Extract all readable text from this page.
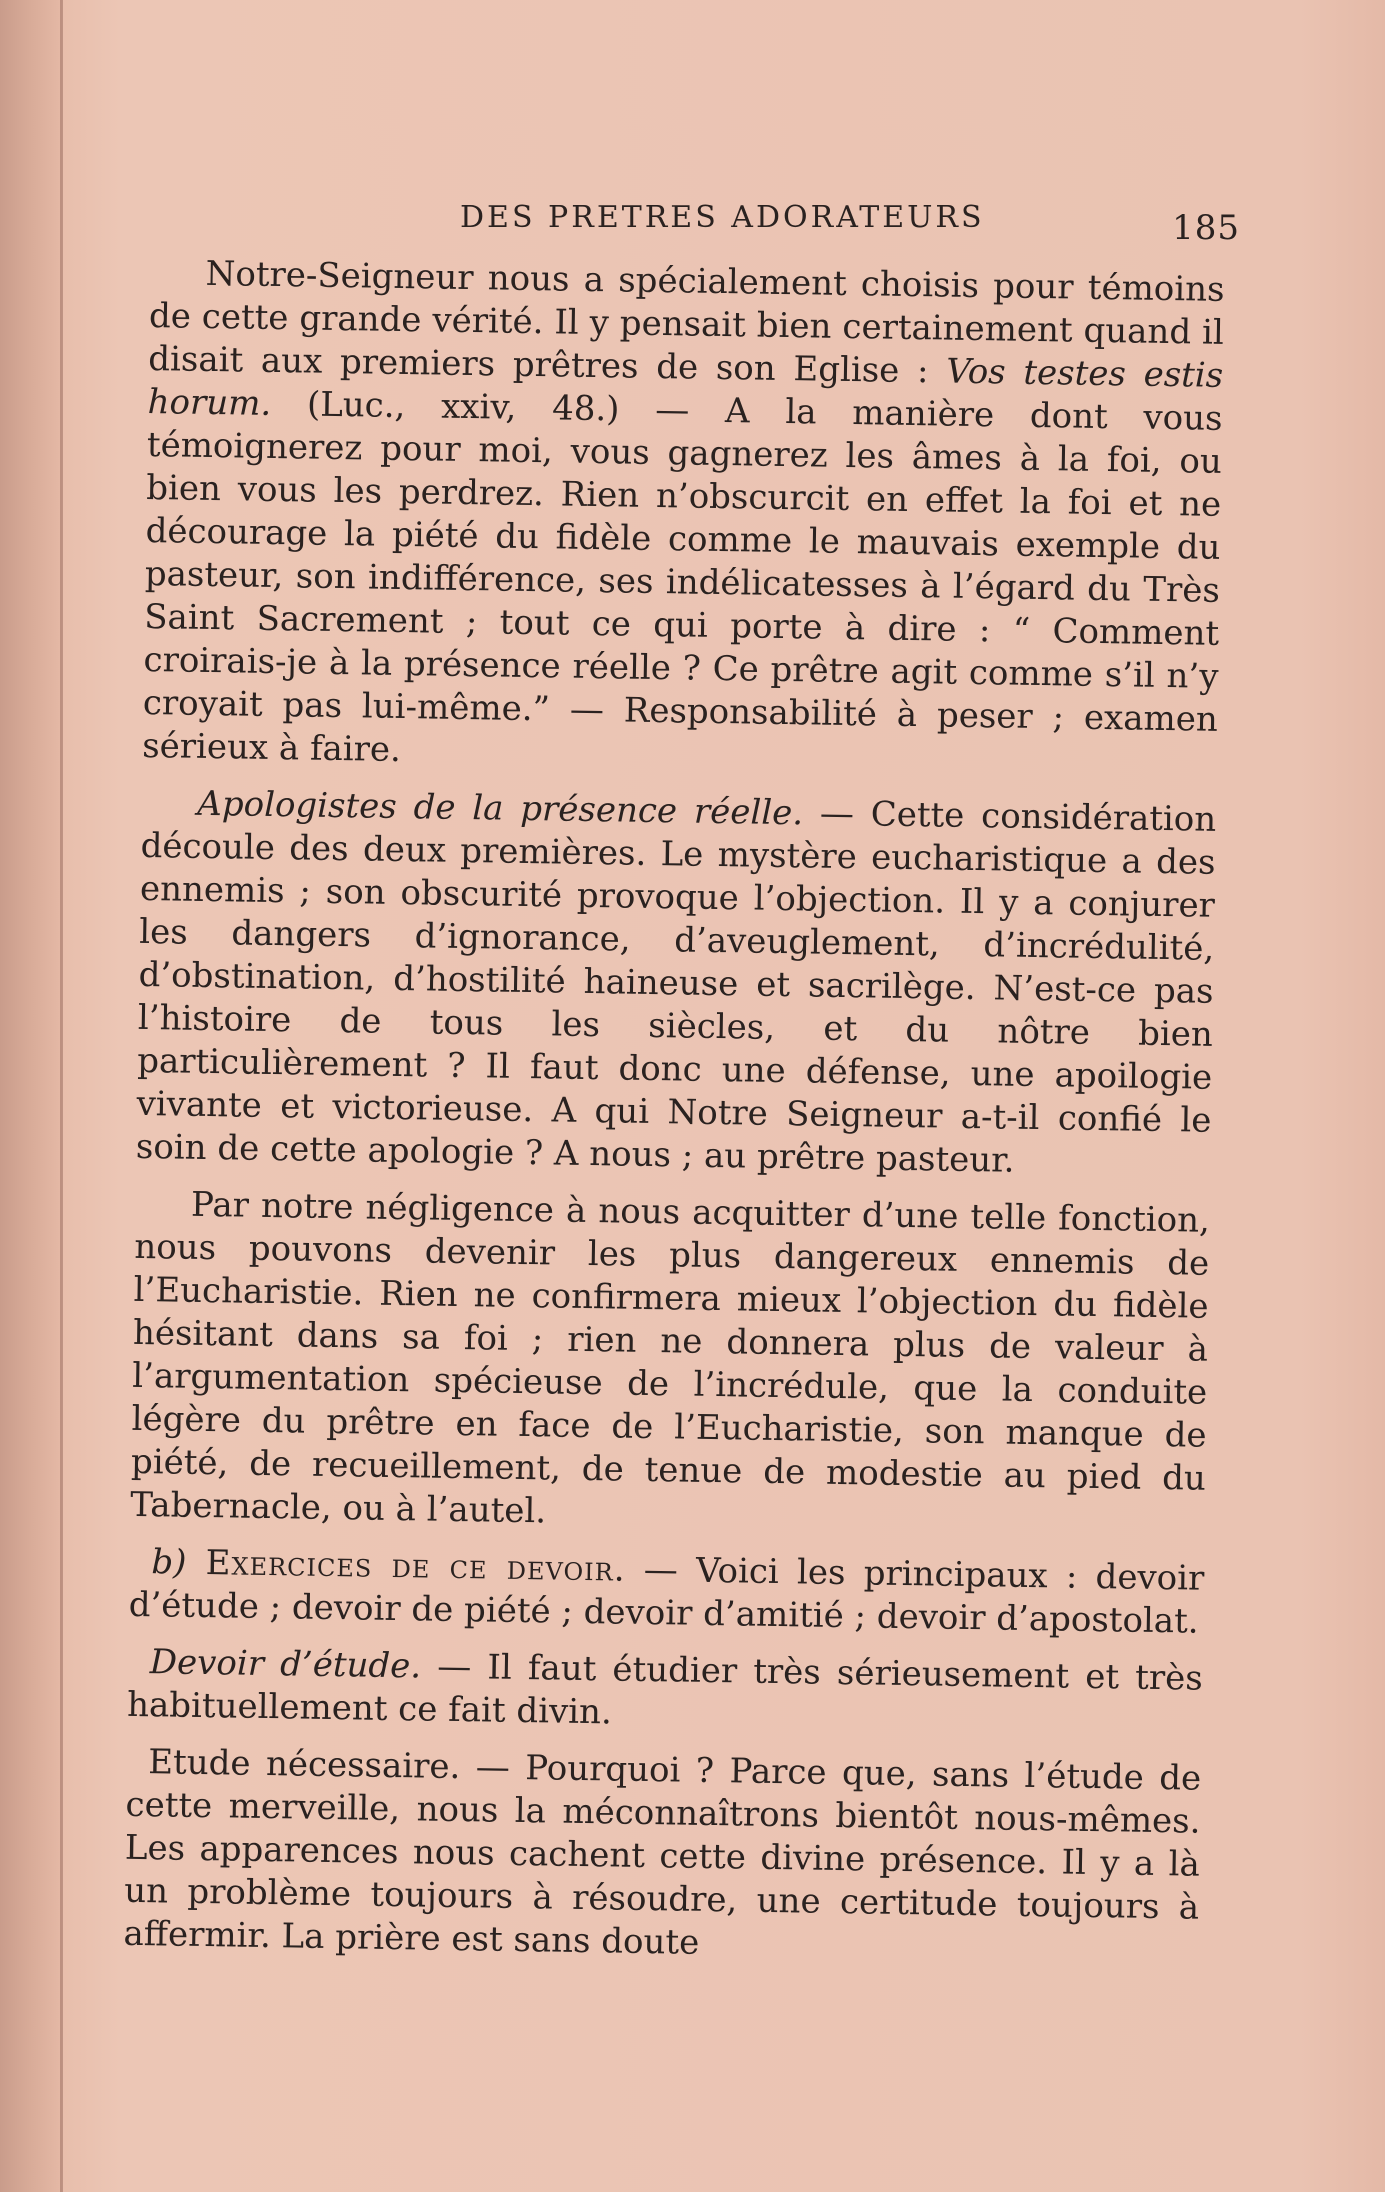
DES PRETRES ADORATEURS	185

Notre-Seigneur nous a spécialement choisis pour témoins de cette grande vérité. Il y pensait bien certainement quand il disait aux premiers prêtres de son Eglise : Vos testes estis horum. (Luc., xxiv, 48.) — A la manière dont vous témoignerez pour moi, vous gagnerez les âmes à la foi, ou bien vous les perdrez. Rien n’obscurcit en effet la foi et ne décourage la piété du fidèle comme le mauvais exemple du pasteur, son indifférence, ses indélicatesses à l’égard du Très Saint Sacrement ; tout ce qui porte à dire : “ Comment croirais-je à la présence réelle ? Ce prêtre agit comme s’il n’y croyait pas lui-même.” — Responsabilité à peser ; examen sérieux à faire.

Apologistes de la présence réelle. — Cette considération découle des deux premières. Le mystère eucharistique a des ennemis ; son obscurité provoque l’objection. Il y a conjurer les dangers d’ignorance, d’aveuglement, d’incrédulité, d’obstination, d’hostilité haineuse et sacrilège. N’est-ce pas l’histoire de tous les siècles, et du nôtre bien particulièrement ? Il faut donc une défense, une apoilogie vivante et victorieuse. A qui Notre Seigneur a-t-il confié le soin de cette apologie ? A nous ; au prêtre pasteur.

Par notre négligence à nous acquitter d’une telle fonction, nous pouvons devenir les plus dangereux ennemis de l’Eucharistie. Rien ne confirmera mieux l’objection du fidèle hésitant dans sa foi ; rien ne donnera plus de valeur à l’argumentation spécieuse de l’incrédule, que la conduite légère du prêtre en face de l’Eucharistie, son manque de piété, de recueillement, de tenue de modestie au pied du Tabernacle, ou à l’autel.

b) Exercices de ce devoir. — Voici les principaux : devoir d’étude ; devoir de piété ; devoir d’amitié ; devoir d’apostolat.

Devoir d’étude. — Il faut étudier très sérieusement et très habituellement ce fait divin.

Etude nécessaire. — Pourquoi ? Parce que, sans l’étude de cette merveille, nous la méconnaîtrons bientôt nous-mêmes. Les apparences nous cachent cette divine présence. Il y a là un problème toujours à résoudre, une certitude toujours à affermir. La prière est sans doute
